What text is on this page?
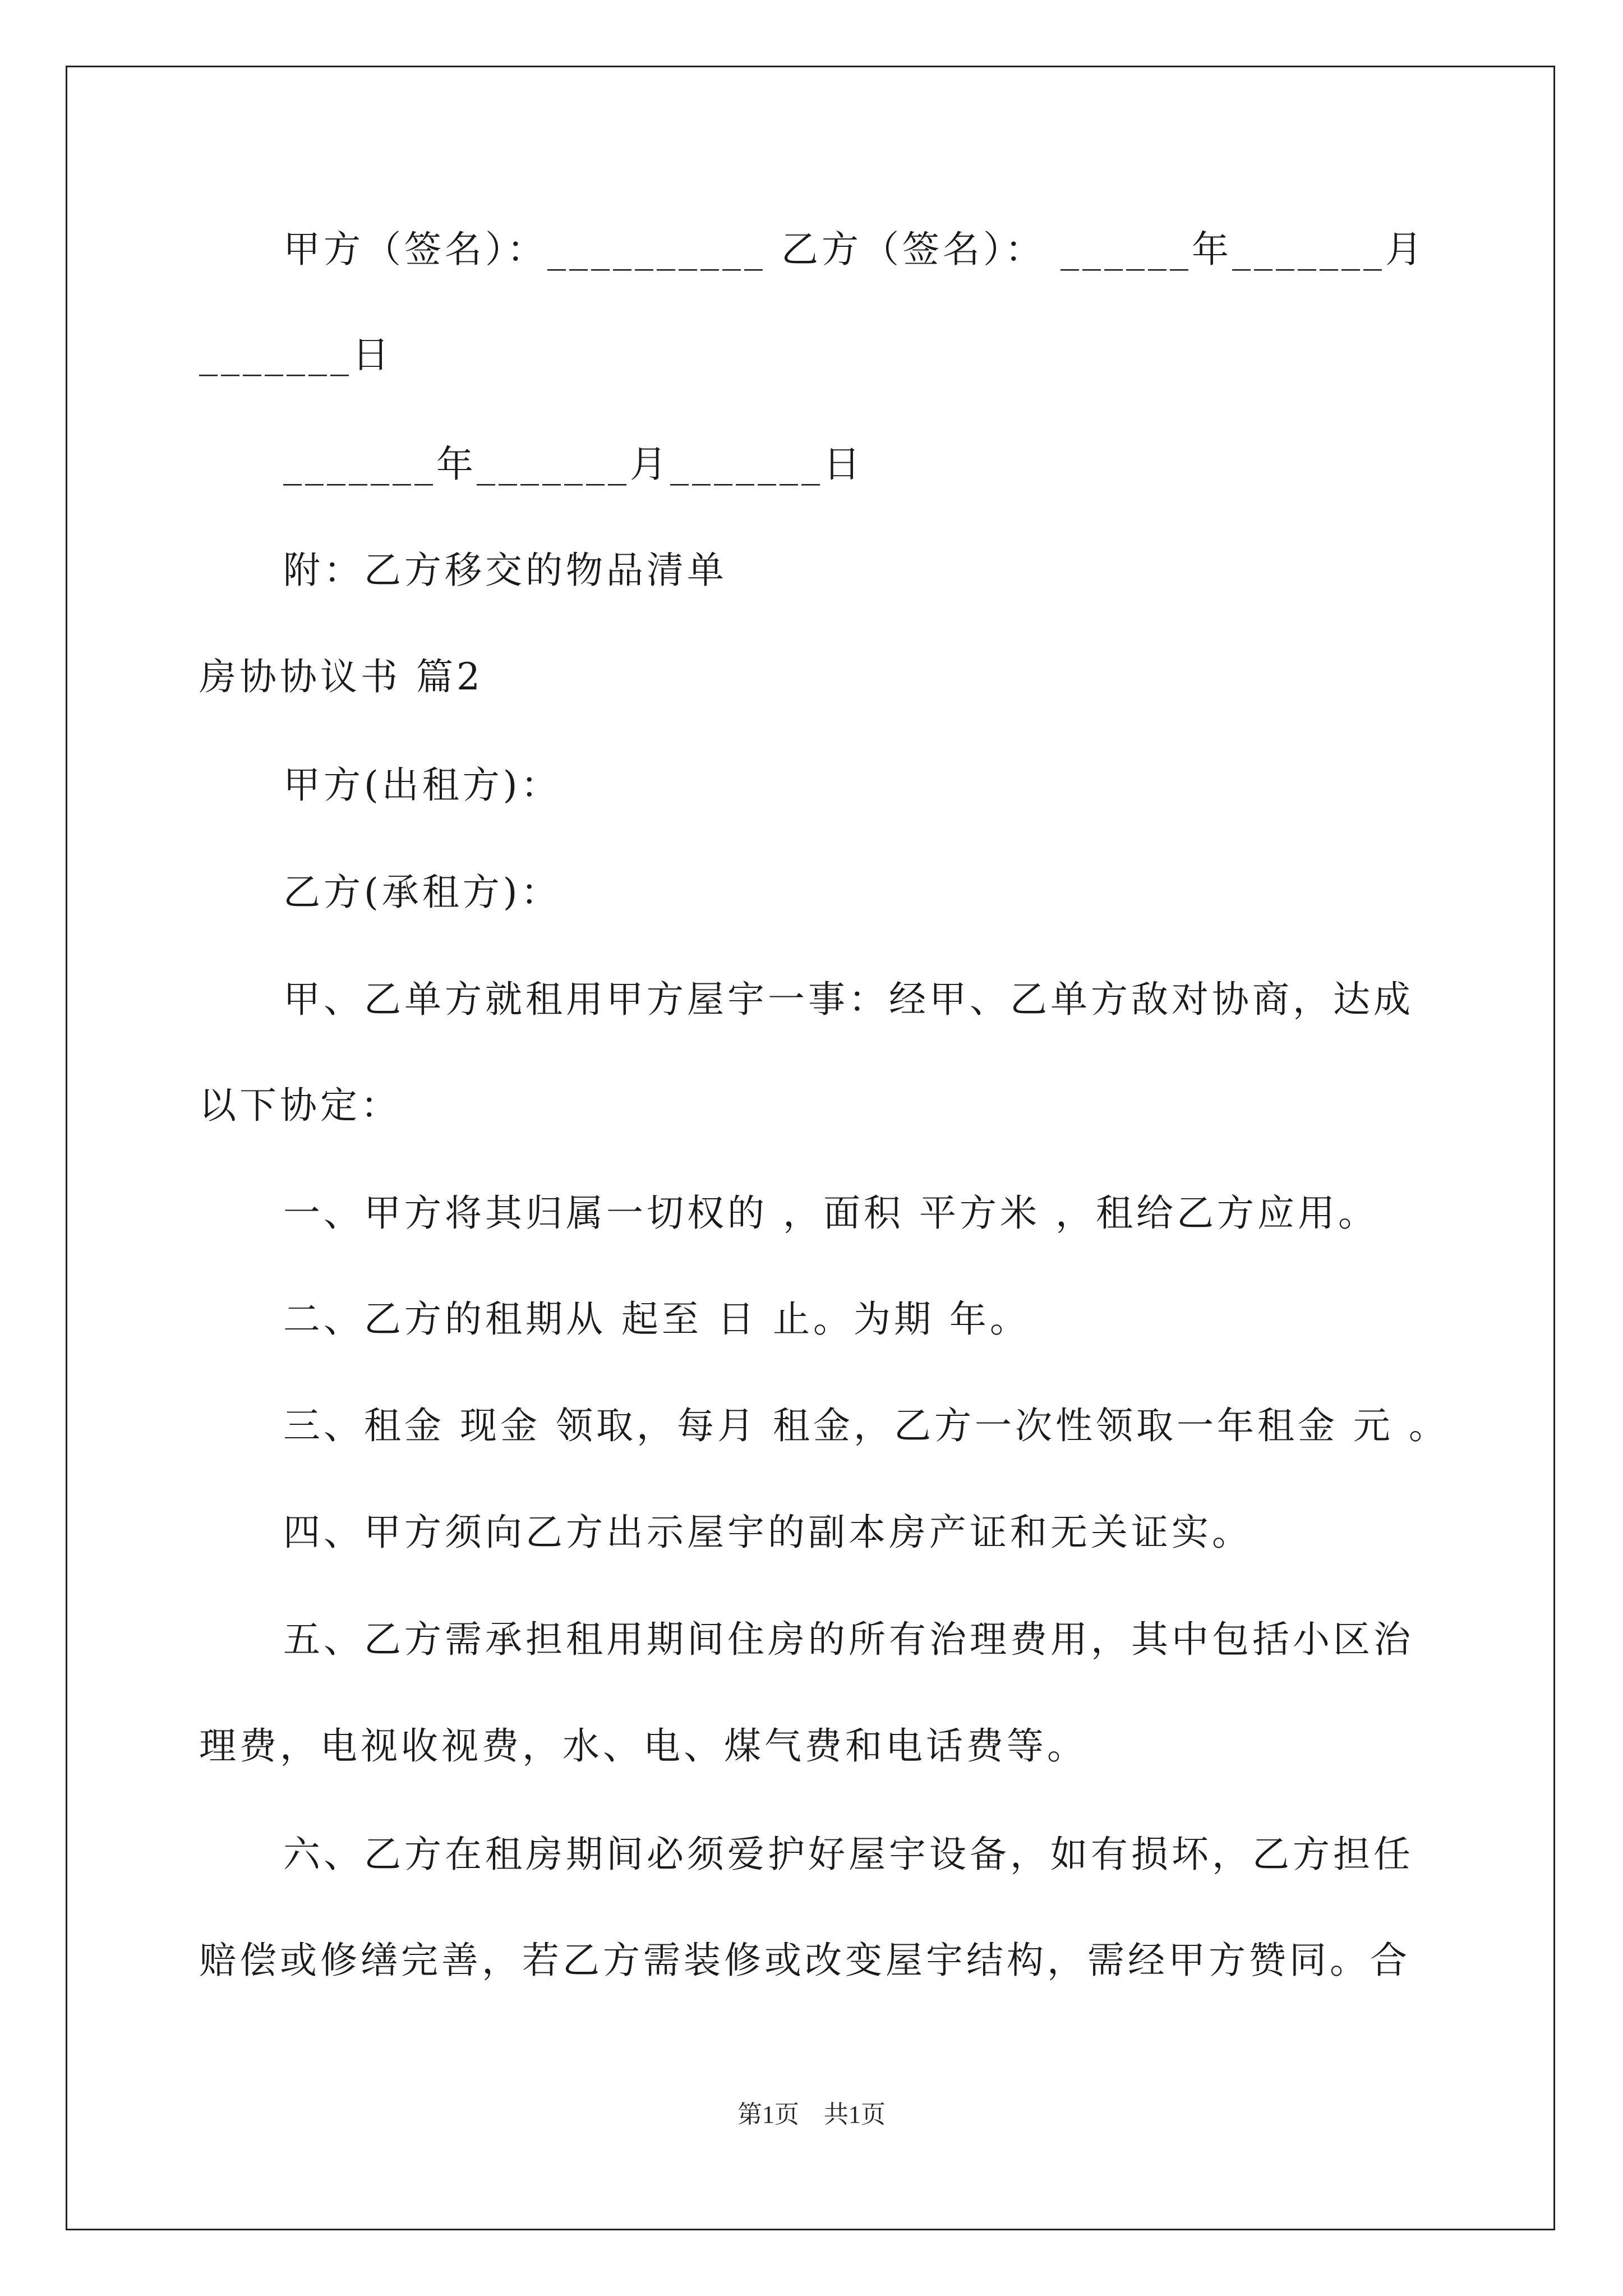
甲方（签名）：__________ 乙方（签名）： ______年_______月
_______日
_______年_______月_______日
附：乙方移交的物品清单
房协协议书 篇2
甲方(出租方)：
乙方(承租方)：
甲、乙单方就租用甲方屋宇一事：经甲、乙单方敌对协商，达成
以下协定：
一、甲方将其归属一切权的 ，面积 平方米 ，租给乙方应用。
二、乙方的租期从 起至 日 止。为期 年。
三、租金 现金 领取，每月 租金，乙方一次性领取一年租金 元 。
四、甲方须向乙方出示屋宇的副本房产证和无关证实。
五、乙方需承担租用期间住房的所有治理费用，其中包括小区治
理费，电视收视费，水、电、煤气费和电话费等。
六、乙方在租房期间必须爱护好屋宇设备，如有损坏，乙方担任
赔偿或修缮完善，若乙方需装修或改变屋宇结构，需经甲方赞同。合
第1页　共1页
